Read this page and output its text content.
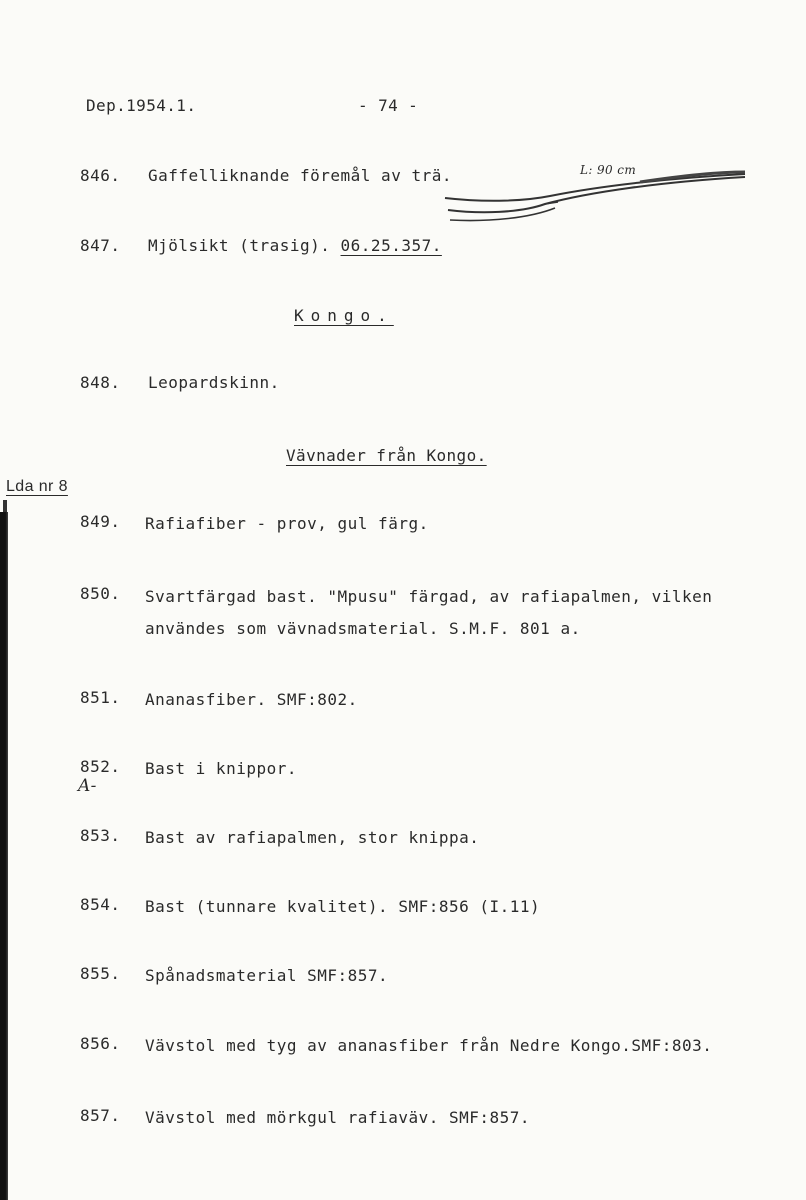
Dep.1954.1.	- 74 -
846. Gaffelliknande föremål av trä.	L: 90 cm
847. Mjölsikt (trasig). 06.25.357.
Kongo.
848. Leopardskinn.
Vävnader från Kongo.
Lda nr 8
849. Rafiafiber - prov, gul färg.
850. Svartfärgad bast. "Mpusu" färgad, av rafiapalmen, vilken
användes som vävnadsmaterial. S.M.F. 801 a.
851. Ananasfiber. SMF:802.
852. Bast i knippor.
A-
853. Bast av rafiapalmen, stor knippa.
854. Bast (tunnare kvalitet). SMF:856 (I.11)
855. Spånadsmaterial SMF:857.
856. Vävstol med tyg av ananasfiber från Nedre Kongo.SMF:803.
857. Vävstol med mörkgul rafiaväv. SMF:857.
